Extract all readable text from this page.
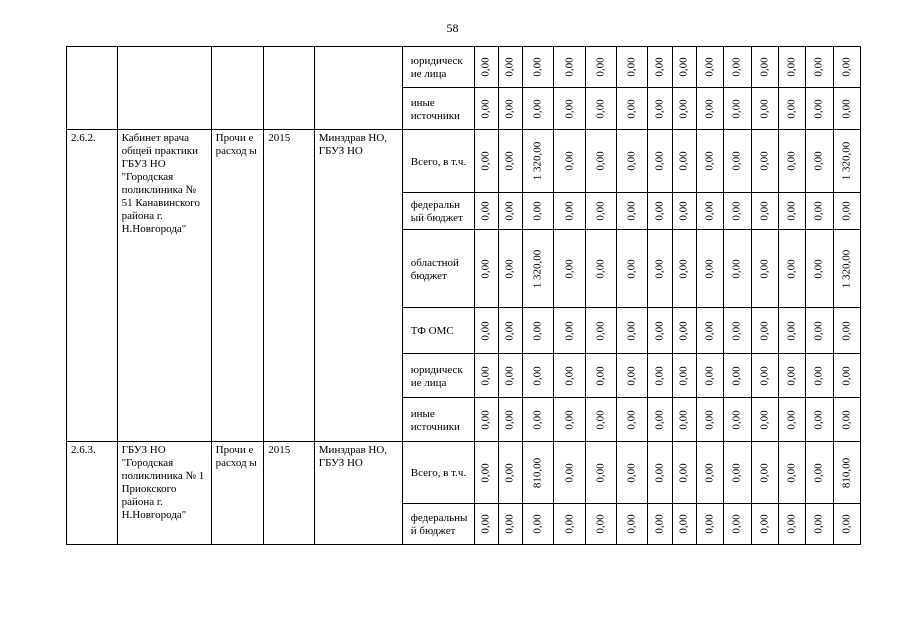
58
					юридическ ие лица	0,00	0,00	0,00	0,00	0,00	0,00	0,00	0,00	0,00	0,00	0,00	0,00	0,00	0,00

					иные источники	0,00	0,00	0,00	0,00	0,00	0,00	0,00	0,00	0,00	0,00	0,00	0,00	0,00	0,00

2.6.2.	Кабинет врача общей практики ГБУЗ НО "Городская поликлиника № 51 Канавинского района г. Н.Новгорода"	Прочи е расход ы	2015	Минздрав НО, ГБУЗ НО	Всего, в т.ч.	0,00	0,00	1 320,00	0,00	0,00	0,00	0,00	0,00	0,00	0,00	0,00	0,00	0,00	1 320,00

					федеральн ый бюджет	0,00	0,00	0,00	0,00	0,00	0,00	0,00	0,00	0,00	0,00	0,00	0,00	0,00	0,00

					областной бюджет	0,00	0,00	1 320,00	0,00	0,00	0,00	0,00	0,00	0,00	0,00	0,00	0,00	0,00	1 320,00

					ТФ ОМС	0,00	0,00	0,00	0,00	0,00	0,00	0,00	0,00	0,00	0,00	0,00	0,00	0,00	0,00

					юридическ ие лица	0,00	0,00	0,00	0,00	0,00	0,00	0,00	0,00	0,00	0,00	0,00	0,00	0,00	0,00

					иные источники	0,00	0,00	0,00	0,00	0,00	0,00	0,00	0,00	0,00	0,00	0,00	0,00	0,00	0,00

2.6.3.	ГБУЗ НО "Городская поликлиника № 1 Приокского района г. Н.Новгорода"	Прочи е расход ы	2015	Минздрав НО, ГБУЗ НО	Всего, в т.ч.	0,00	0,00	810,00	0,00	0,00	0,00	0,00	0,00	0,00	0,00	0,00	0,00	0,00	810,00

					федеральны й бюджет	0,00	0,00	0,00	0,00	0,00	0,00	0,00	0,00	0,00	0,00	0,00	0,00	0,00	0,00
